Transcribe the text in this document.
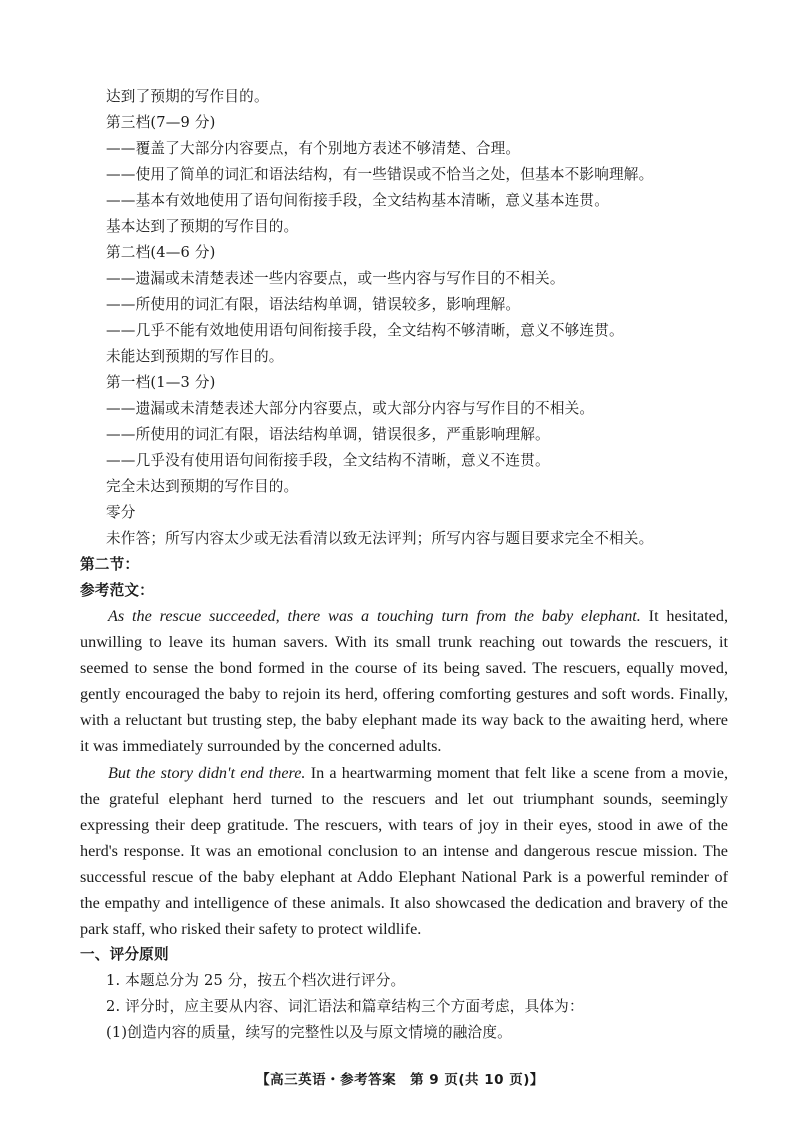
达到了预期的写作目的。
第三档(7—9 分)
——覆盖了大部分内容要点，有个别地方表述不够清楚、合理。
——使用了简单的词汇和语法结构，有一些错误或不恰当之处，但基本不影响理解。
——基本有效地使用了语句间衔接手段，全文结构基本清晰，意义基本连贯。
基本达到了预期的写作目的。
第二档(4—6 分)
——遗漏或未清楚表述一些内容要点，或一些内容与写作目的不相关。
——所使用的词汇有限，语法结构单调，错误较多，影响理解。
——几乎不能有效地使用语句间衔接手段，全文结构不够清晰，意义不够连贯。
未能达到预期的写作目的。
第一档(1—3 分)
——遗漏或未清楚表述大部分内容要点，或大部分内容与写作目的不相关。
——所使用的词汇有限，语法结构单调，错误很多，严重影响理解。
——几乎没有使用语句间衔接手段，全文结构不清晰，意义不连贯。
完全未达到预期的写作目的。
零分
未作答；所写内容太少或无法看清以致无法评判；所写内容与题目要求完全不相关。
第二节：
参考范文：

As the rescue succeeded, there was a touching turn from the baby elephant. It hesitated, unwilling to leave its human savers. With its small trunk reaching out towards the rescuers, it seemed to sense the bond formed in the course of its being saved. The rescuers, equally moved, gently encouraged the baby to rejoin its herd, offering comforting gestures and soft words. Finally, with a reluctant but trusting step, the baby elephant made its way back to the awaiting herd, where it was immediately surrounded by the concerned adults.

But the story didn't end there. In a heartwarming moment that felt like a scene from a movie, the grateful elephant herd turned to the rescuers and let out triumphant sounds, seemingly expressing their deep gratitude. The rescuers, with tears of joy in their eyes, stood in awe of the herd's response. It was an emotional conclusion to an intense and dangerous rescue mission. The successful rescue of the baby elephant at Addo Elephant National Park is a powerful reminder of the empathy and intelligence of these animals. It also showcased the dedication and bravery of the park staff, who risked their safety to protect wildlife.

一、评分原则
1. 本题总分为 25 分，按五个档次进行评分。
2. 评分时，应主要从内容、词汇语法和篇章结构三个方面考虑，具体为：
(1)创造内容的质量，续写的完整性以及与原文情境的融洽度。
【高三英语・参考答案　第 9 页(共 10 页)】
